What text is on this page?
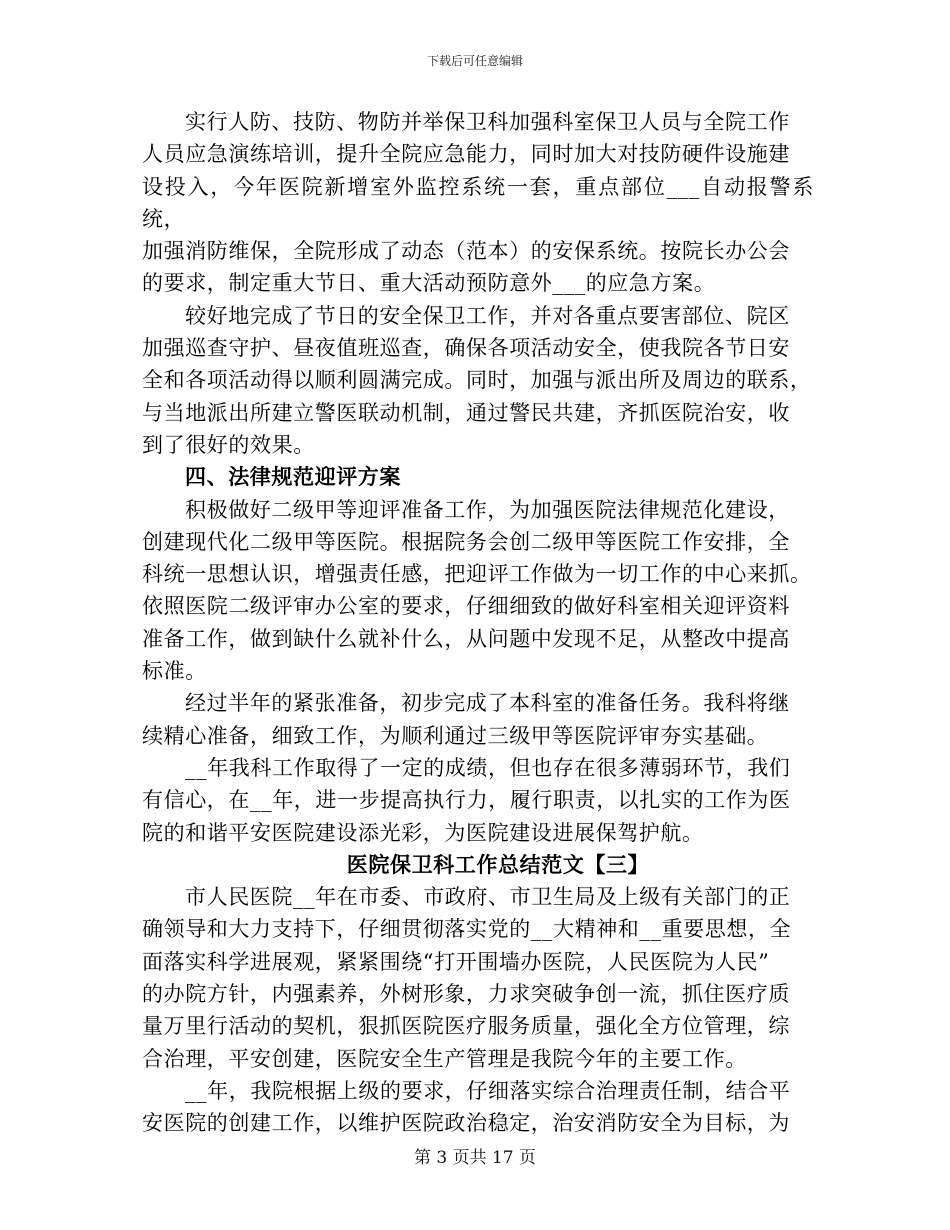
下载后可任意编辑

实行人防、技防、物防并举保卫科加强科室保卫人员与全院工作
人员应急演练培训，提升全院应急能力，同时加大对技防硬件设施建
设投入，今年医院新增室外监控系统一套，重点部位___自动报警系统，
加强消防维保，全院形成了动态（范本）的安保系统。按院长办公会
的要求，制定重大节日、重大活动预防意外___的应急方案。

较好地完成了节日的安全保卫工作，并对各重点要害部位、院区
加强巡查守护、昼夜值班巡查，确保各项活动安全，使我院各节日安
全和各项活动得以顺利圆满完成。同时，加强与派出所及周边的联系，
与当地派出所建立警医联动机制，通过警民共建，齐抓医院治安，收
到了很好的效果。

四、法律规范迎评方案

积极做好二级甲等迎评准备工作，为加强医院法律规范化建设，
创建现代化二级甲等医院。根据院务会创二级甲等医院工作安排，全
科统一思想认识，增强责任感，把迎评工作做为一切工作的中心来抓。
依照医院二级评审办公室的要求，仔细细致的做好科室相关迎评资料
准备工作，做到缺什么就补什么，从问题中发现不足，从整改中提高
标准。

经过半年的紧张准备，初步完成了本科室的准备任务。我科将继
续精心准备，细致工作，为顺利通过三级甲等医院评审夯实基础。

__年我科工作取得了一定的成绩，但也存在很多薄弱环节，我们
有信心，在__年，进一步提高执行力，履行职责，以扎实的工作为医
院的和谐平安医院建设添光彩，为医院建设进展保驾护航。

医院保卫科工作总结范文【三】

市人民医院__年在市委、市政府、市卫生局及上级有关部门的正
确领导和大力支持下，仔细贯彻落实党的__大精神和__重要思想，全
面落实科学进展观，紧紧围绕“打开围墙办医院，人民医院为人民”
的办院方针，内强素养，外树形象，力求突破争创一流，抓住医疗质
量万里行活动的契机，狠抓医院医疗服务质量，强化全方位管理，综
合治理，平安创建，医院安全生产管理是我院今年的主要工作。

__年，我院根据上级的要求，仔细落实综合治理责任制，结合平
安医院的创建工作，以维护医院政治稳定，治安消防安全为目标，为

第 3 页共 17 页
